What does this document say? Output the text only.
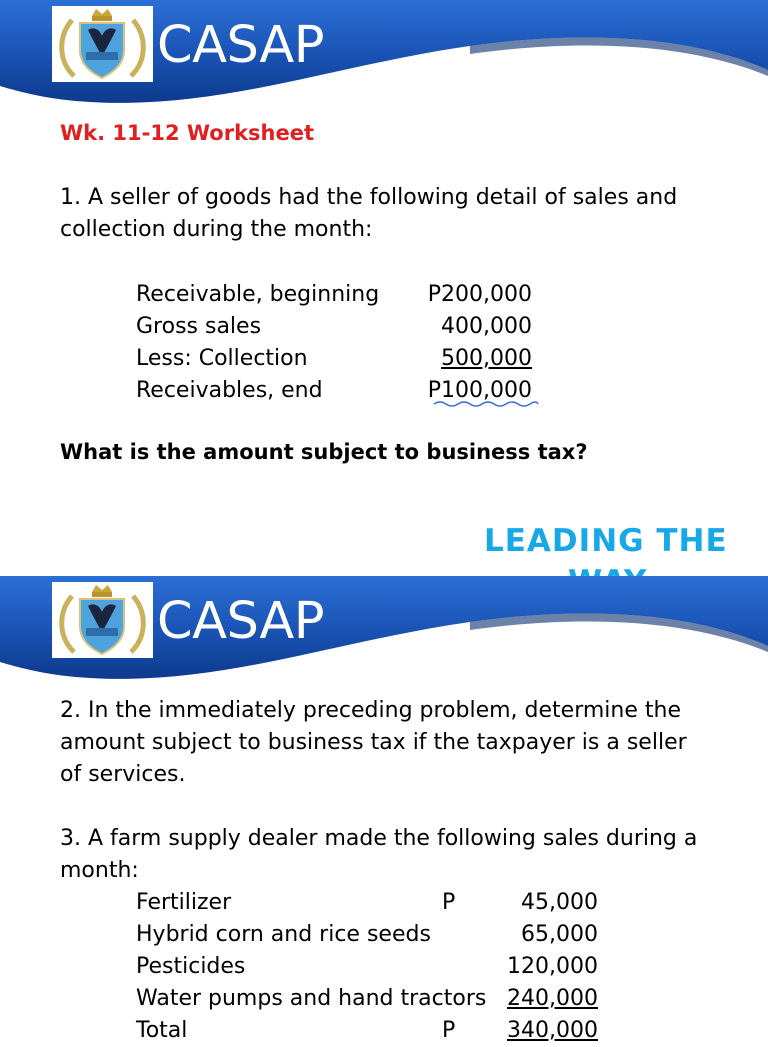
CASAP
Wk. 11-12 Worksheet
1. A seller of goods had the following detail of sales and collection during the month:
Receivable, beginning P200,000
Gross sales	400,000
Less: Collection	500,000
Receivables, end	P100,000
What is the amount subject to business tax?
LEADING THE
CASAP
2. In the immediately preceding problem, determine the amount subject to business tax if the taxpayer is a seller of services.
3. A farm supply dealer made the following sales during a month:
Fertilizer	P	45,000
Hybrid corn and rice seeds	65,000
Pesticides	120,000
Water pumps and hand tractors 240,000
Total	P 340,000
